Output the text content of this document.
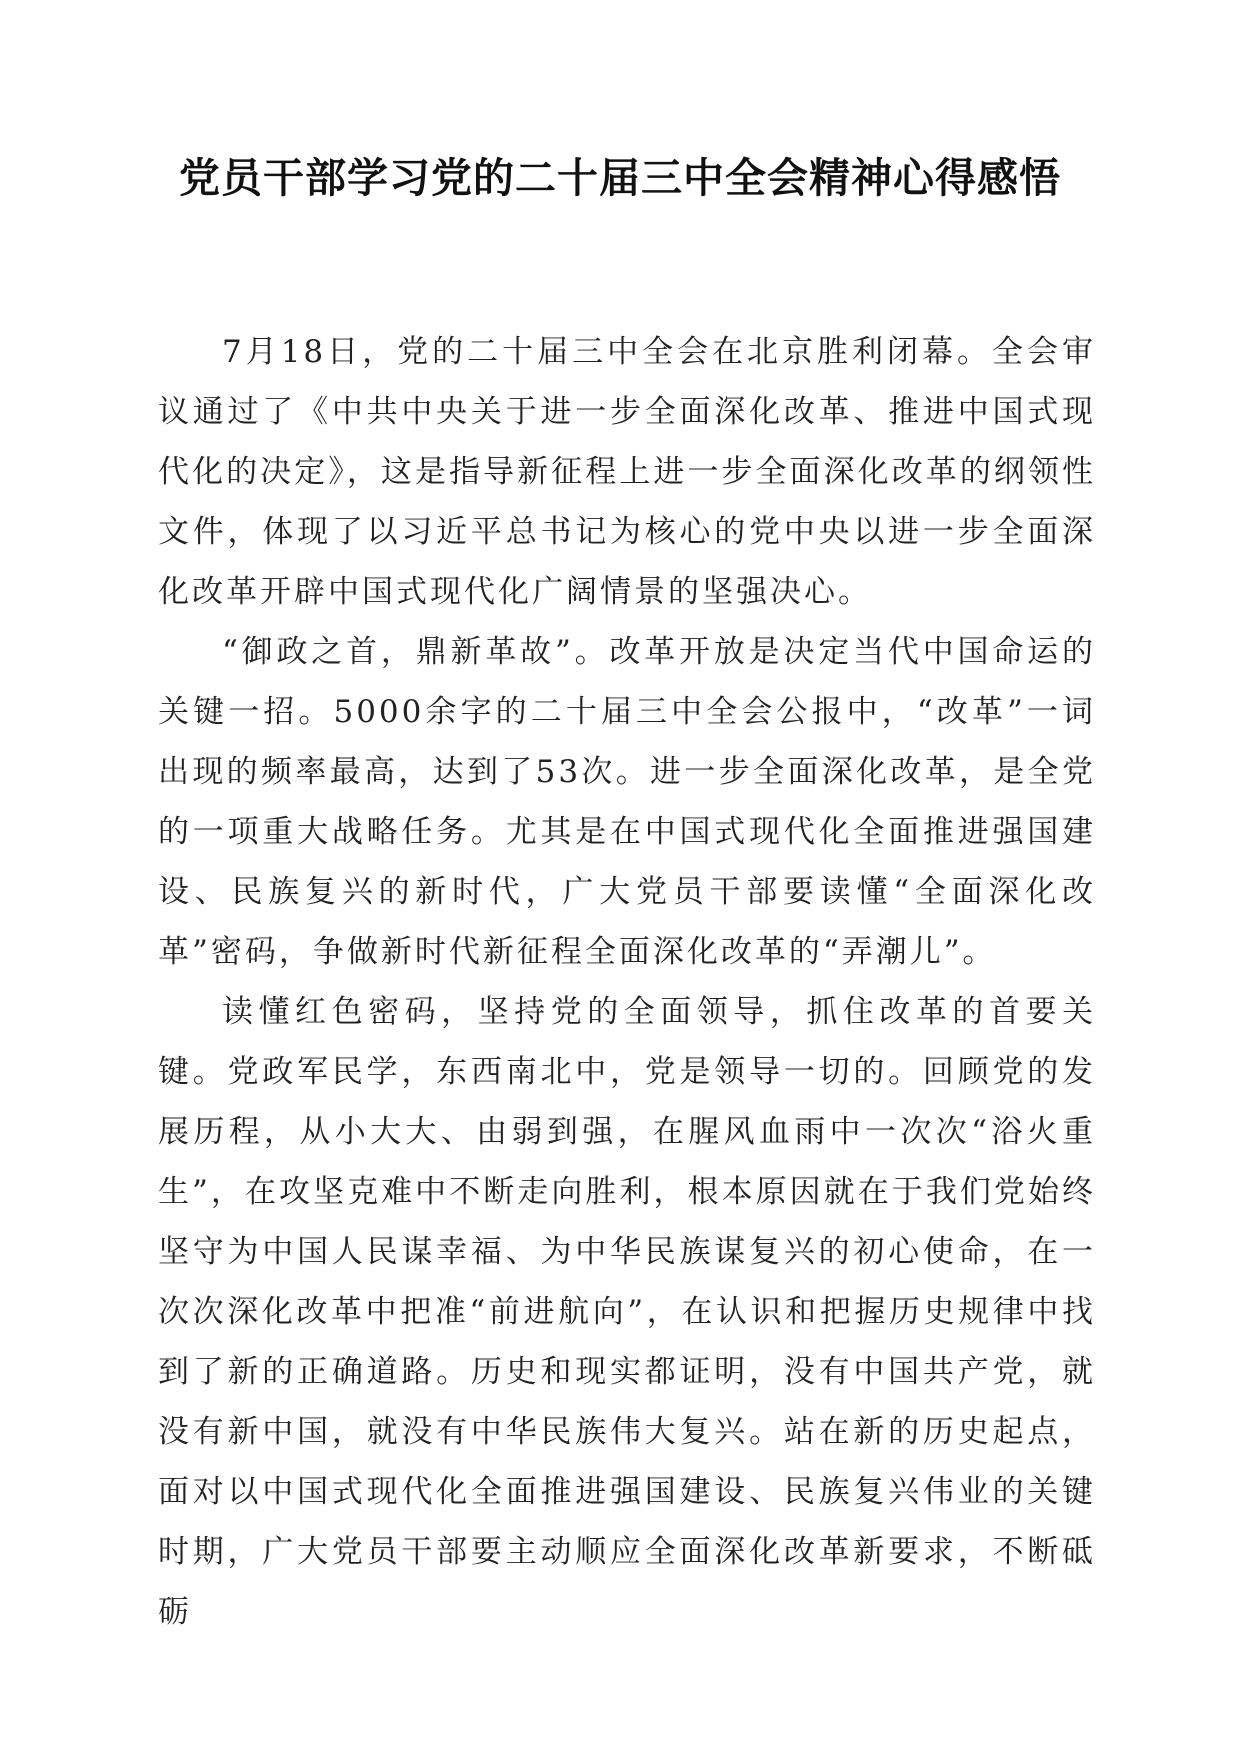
党员干部学习党的二十届三中全会精神心得感悟

7月18日，党的二十届三中全会在北京胜利闭幕。全会审议通过了《中共中央关于进一步全面深化改革、推进中国式现代化的决定》，这是指导新征程上进一步全面深化改革的纲领性文件，体现了以习近平总书记为核心的党中央以进一步全面深化改革开辟中国式现代化广阔情景的坚强决心。

“御政之首，鼎新革故”。改革开放是决定当代中国命运的关键一招。5000余字的二十届三中全会公报中，“改革”一词出现的频率最高，达到了53次。进一步全面深化改革，是全党的一项重大战略任务。尤其是在中国式现代化全面推进强国建设、民族复兴的新时代，广大党员干部要读懂“全面深化改革”密码，争做新时代新征程全面深化改革的“弄潮儿”。

读懂红色密码，坚持党的全面领导，抓住改革的首要关键。党政军民学，东西南北中，党是领导一切的。回顾党的发展历程，从小大大、由弱到强，在腥风血雨中一次次“浴火重生”，在攻坚克难中不断走向胜利，根本原因就在于我们党始终坚守为中国人民谋幸福、为中华民族谋复兴的初心使命，在一次次深化改革中把准“前进航向”，在认识和把握历史规律中找到了新的正确道路。历史和现实都证明，没有中国共产党，就没有新中国，就没有中华民族伟大复兴。站在新的历史起点，面对以中国式现代化全面推进强国建设、民族复兴伟业的关键时期，广大党员干部要主动顺应全面深化改革新要求，不断砥砺
